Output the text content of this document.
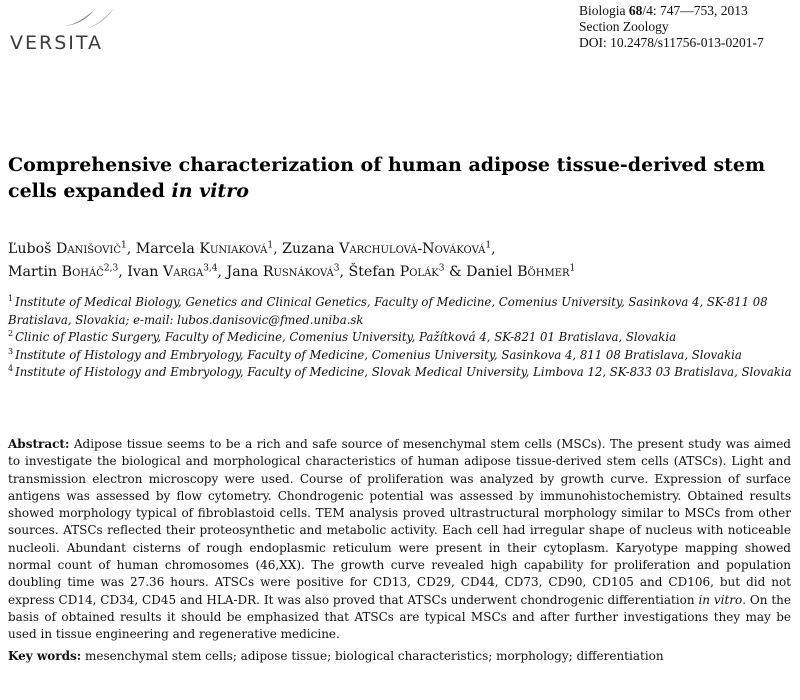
VERSITA
Biologia 68/4: 747—753, 2013
Section Zoology
DOI: 10.2478/s11756-013-0201-7
Comprehensive characterization of human adipose tissue-derived stem cells expanded in vitro
Ľuboš Danišovič$^1$, Marcela Kuniaková$^1$, Zuzana Varchulová-Nováková$^1$,
Martin Boháč$^{2,3}$, Ivan Varga$^{3,4}$, Jana Rusnáková$^3$, Štefan Polák$^3$ & Daniel Böhmer$^1$

$^1$ Institute of Medical Biology, Genetics and Clinical Genetics, Faculty of Medicine, Comenius University, Sasinkova 4, SK-811 08 Bratislava, Slovakia; e-mail: lubos.danisovic@fmed.uniba.sk

$^2$ Clinic of Plastic Surgery, Faculty of Medicine, Comenius University, Pažítková 4, SK-821 01 Bratislava, Slovakia

$^3$ Institute of Histology and Embryology, Faculty of Medicine, Comenius University, Sasinkova 4, 811 08 Bratislava, Slovakia

$^4$ Institute of Histology and Embryology, Faculty of Medicine, Slovak Medical University, Limbova 12, SK-833 03 Bratislava, Slovakia

Abstract: Adipose tissue seems to be a rich and safe source of mesenchymal stem cells (MSCs). The present study was aimed to investigate the biological and morphological characteristics of human adipose tissue-derived stem cells (ATSCs). Light and transmission electron microscopy were used. Course of proliferation was analyzed by growth curve. Expression of surface antigens was assessed by flow cytometry. Chondrogenic potential was assessed by immunohistochemistry. Obtained results showed morphology typical of fibroblastoid cells. TEM analysis proved ultrastructural morphology similar to MSCs from other sources. ATSCs reflected their proteosynthetic and metabolic activity. Each cell had irregular shape of nucleus with noticeable nucleoli. Abundant cisterns of rough endoplasmic reticulum were present in their cytoplasm. Karyotype mapping showed normal count of human chromosomes (46,XX). The growth curve revealed high capability for proliferation and population doubling time was 27.36 hours. ATSCs were positive for CD13, CD29, CD44, CD73, CD90, CD105 and CD106, but did not express CD14, CD34, CD45 and HLA-DR. It was also proved that ATSCs underwent chondrogenic differentiation in vitro. On the basis of obtained results it should be emphasized that ATSCs are typical MSCs and after further investigations they may be used in tissue engineering and regenerative medicine.

Key words: mesenchymal stem cells; adipose tissue; biological characteristics; morphology; differentiation
